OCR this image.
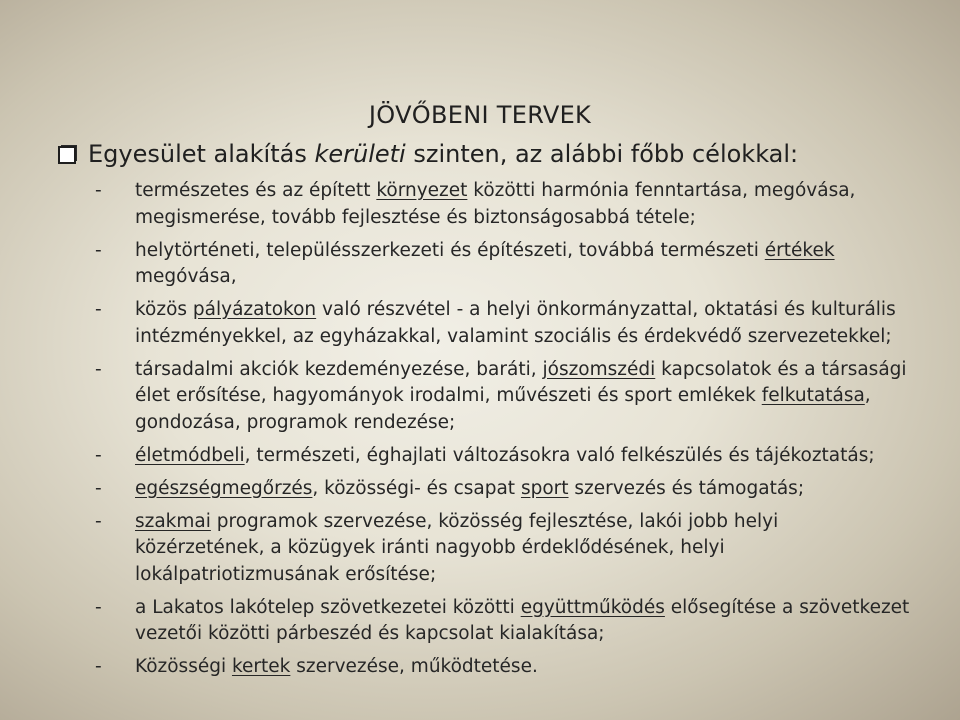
JÖVŐBENI TERVEK
Egyesület alakítás kerületi szinten, az alábbi főbb célokkal:
-	természetes és az épített környezet közötti harmónia fenntartása, megóvása, megismerése, tovább fejlesztése és biztonságosabbá tétele;
-	helytörténeti, településszerkezeti és építészeti, továbbá természeti értékek megóvása,
-	közös pályázatokon való részvétel - a helyi önkormányzattal, oktatási és kulturális intézményekkel, az egyházakkal, valamint szociális és érdekvédő szervezetekkel;
-	társadalmi akciók kezdeményezése, baráti, jószomszédi kapcsolatok és a társasági élet erősítése, hagyományok irodalmi, művészeti és sport emlékek felkutatása, gondozása, programok rendezése;
-	életmódbeli, természeti, éghajlati változásokra való felkészülés és tájékoztatás;
-	egészségmegőrzés, közösségi- és csapat sport szervezés és támogatás;
-	szakmai programok szervezése, közösség fejlesztése, lakói jobb helyi közérzetének, a közügyek iránti nagyobb érdeklődésének, helyi lokálpatriotizmusának erősítése;
-	a Lakatos lakótelep szövetkezetei közötti együttműködés elősegítése a szövetkezet vezetői közötti párbeszéd és kapcsolat kialakítása;
-	Közösségi kertek szervezése, működtetése.
